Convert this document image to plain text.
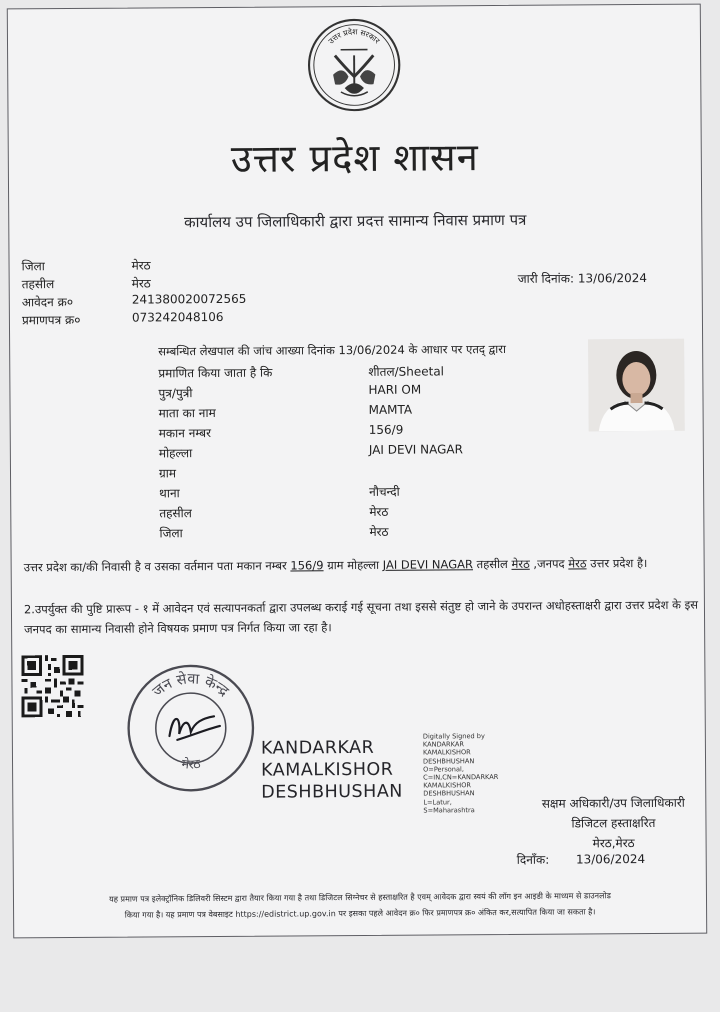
उत्तर प्रदेश सरकार
उत्तर प्रदेश शासन
कार्यालय उप जिलाधिकारी द्वारा प्रदत्त सामान्य निवास प्रमाण पत्र
जिला	मेरठ
तहसील	मेरठ
आवेदन क्र०	241380020072565
प्रमाणपत्र क्र०	073242048106
जारी दिनांक: 13/06/2024
सम्बन्धित लेखपाल की जांच आख्या दिनांक 13/06/2024 के आधार पर एतद् द्वारा
प्रमाणित किया जाता है कि	शीतल/Sheetal
पुत्र/पुत्री	HARI OM
माता का नाम	MAMTA
मकान नम्बर	156/9
मोहल्ला	JAI DEVI NAGAR
ग्राम
थाना	नौचन्दी
तहसील	मेरठ
जिला	मेरठ
उत्तर प्रदेश का/की निवासी है व उसका वर्तमान पता मकान नम्बर 156/9 ग्राम मोहल्ला JAI DEVI NAGAR तहसील मेरठ ,जनपद मेरठ उत्तर प्रदेश है।
2.उपर्युक्त की पुष्टि प्रारूप - १ में आवेदन एवं सत्यापनकर्ता द्वारा उपलब्ध कराई गई सूचना तथा इससे संतुष्ट हो जाने के उपरान्त अधोहस्ताक्षरी द्वारा उत्तर प्रदेश के इस जनपद का सामान्य निवासी होने विषयक प्रमाण पत्र निर्गत किया जा रहा है।
जन सेवा केन्द्र
मेरठ
KANDARKAR
KAMALKISHOR
DESHBHUSHAN
Digitally Signed by
KANDARKAR
KAMALKISHOR
DESHBHUSHAN
O=Personal,
C=IN,CN=KANDARKAR
KAMALKISHOR
DESHBHUSHAN
L=Latur,
S=Maharashtra	सक्षम अधिकारी/उप जिलाधिकारी
डिजिटल हस्ताक्षरित
मेरठ,मेरठ
दिनाँक: 13/06/2024
यह प्रमाण पत्र इलेक्ट्रॉनिक डिलिवरी सिस्टम द्वारा तैयार किया गया है तथा डिजिटल सिग्नेचर से हस्ताक्षरित है एवम् आवेदक द्वारा स्वयं की लॉग इन आइडी के माध्यम से डाउनलोड
किया गया है। यह प्रमाण पत्र वेबसाइट https://edistrict.up.gov.in पर इसका पहले आवेदन क्र० फिर प्रमाणपत्र क्र० अंकित कर,सत्यापित किया जा सकता है।
